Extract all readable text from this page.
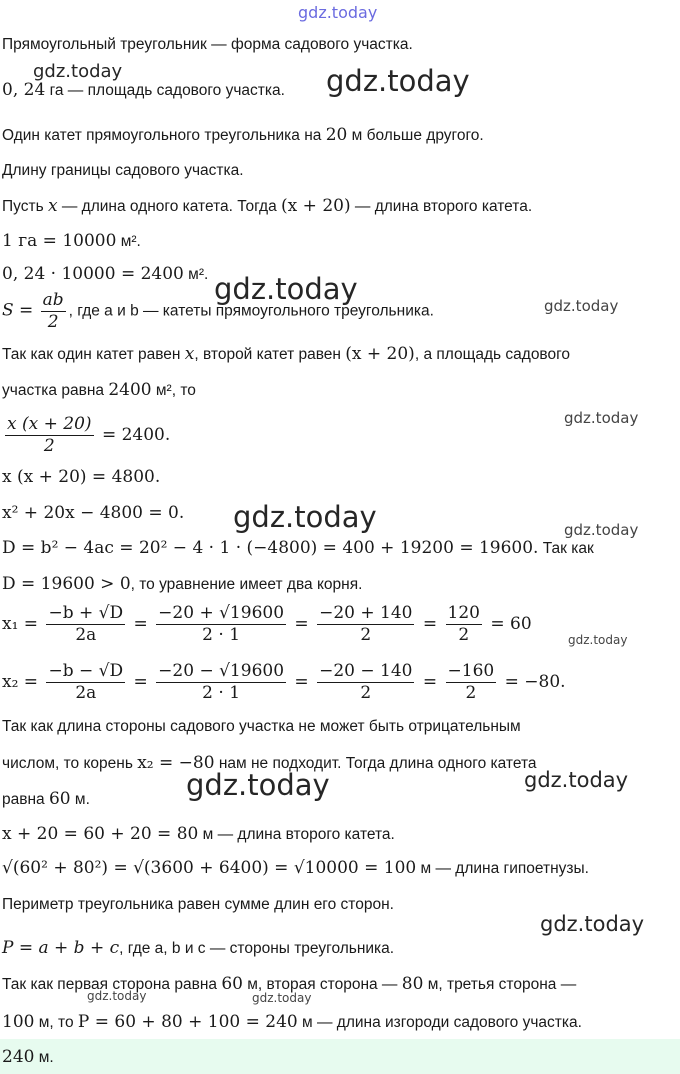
gdz.today
Прямоугольный треугольник — форма садового участка.
0, 24 га — площадь садового участка.
Один катет прямоугольного треугольника на 20 м больше другого.
Длину границы садового участка.
Пусть x — длина одного катета. Тогда (x + 20) — длина второго катета.
1 га = 10000 м².
0, 24 · 10000 = 2400 м².
$S = \frac{ab}{2}$ , где a и b — катеты прямоугольного треугольника.
Так как один катет равен x, второй катет равен (x + 20), а площадь садового
участка равна 2400 м², то
$\frac{x (x + 20)}{2} = 2400$.
x (x + 20) = 4800.
x² + 20x − 4800 = 0.
D = b² − 4ac = 20² − 4 · 1 · (−4800) = 400 + 19200 = 19600. Так как
D = 19600 > 0, то уравнение имеет два корня.
$x_1 = \frac{-b + √D}{2a} = \frac{-20 + √19600}{2 \cdot 1} = \frac{-20 + 140}{2} = \frac{120}{2} = 60$
$x_2 = \frac{-b - √D}{2a} = \frac{-20 - √19600}{2 \cdot 1} = \frac{-20 - 140}{2} = \frac{-160}{2} = -80$.
Так как длина стороны садового участка не может быть отрицательным
числом, то корень x₂ = −80 нам не подходит. Тогда длина одного катета
равна 60 м.
x + 20 = 60 + 20 = 80 м — длина второго катета.
√(60² + 80²) = √(3600 + 6400) = √10000 = 100 м — длина гипоетнузы.
Периметр треугольника равен сумме длин его сторон.
P = a + b + c, где a, b и c — стороны треугольника.
Так как первая сторона равна 60 м, вторая сторона — 80 м, третья сторона —
100 м, то P = 60 + 80 + 100 = 240 м — длина изгороди садового участка.
240 м.
gdz.today	gdz.today
gdz.today	gdz.today
gdz.today
gdz.today	gdz.today
gdz.today
gdz.today	gdz.today
gdz.today
gdz.today	gdz.today
